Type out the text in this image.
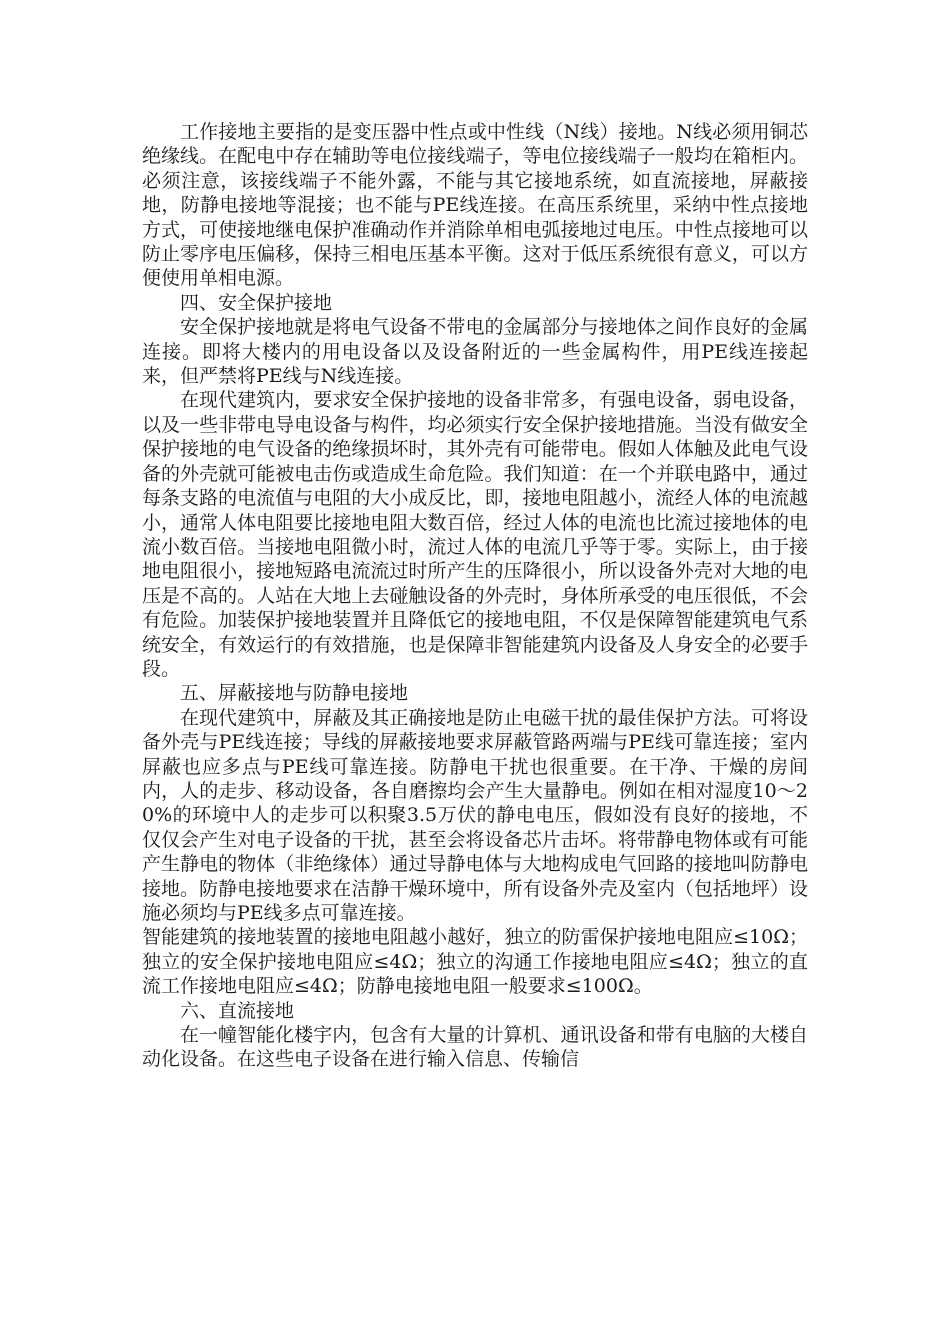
工作接地主要指的是变压器中性点或中性线（N线）接地。N线必须用铜芯绝缘线。在配电中存在辅助等电位接线端子，等电位接线端子一般均在箱柜内。必须注意，该接线端子不能外露，不能与其它接地系统，如直流接地，屏蔽接地，防静电接地等混接；也不能与PE线连接。在高压系统里，采纳中性点接地方式，可使接地继电保护准确动作并消除单相电弧接地过电压。中性点接地可以防止零序电压偏移，保持三相电压基本平衡。这对于低压系统很有意义，可以方便使用单相电源。

四、安全保护接地

安全保护接地就是将电气设备不带电的金属部分与接地体之间作良好的金属连接。即将大楼内的用电设备以及设备附近的一些金属构件，用PE线连接起来，但严禁将PE线与N线连接。

在现代建筑内，要求安全保护接地的设备非常多，有强电设备，弱电设备，以及一些非带电导电设备与构件，均必须实行安全保护接地措施。当没有做安全保护接地的电气设备的绝缘损坏时，其外壳有可能带电。假如人体触及此电气设备的外壳就可能被电击伤或造成生命危险。我们知道：在一个并联电路中，通过每条支路的电流值与电阻的大小成反比，即，接地电阻越小，流经人体的电流越小，通常人体电阻要比接地电阻大数百倍，经过人体的电流也比流过接地体的电流小数百倍。当接地电阻微小时，流过人体的电流几乎等于零。实际上，由于接地电阻很小，接地短路电流流过时所产生的压降很小，所以设备外壳对大地的电压是不高的。人站在大地上去碰触设备的外壳时，身体所承受的电压很低，不会有危险。加装保护接地装置并且降低它的接地电阻，不仅是保障智能建筑电气系统安全，有效运行的有效措施，也是保障非智能建筑内设备及人身安全的必要手段。

五、屏蔽接地与防静电接地

在现代建筑中，屏蔽及其正确接地是防止电磁干扰的最佳保护方法。可将设备外壳与PE线连接；导线的屏蔽接地要求屏蔽管路两端与PE线可靠连接；室内屏蔽也应多点与PE线可靠连接。防静电干扰也很重要。在干净、干燥的房间内，人的走步、移动设备，各自磨擦均会产生大量静电。例如在相对湿度10～20%的环境中人的走步可以积聚3.5万伏的静电电压，假如没有良好的接地，不仅仅会产生对电子设备的干扰，甚至会将设备芯片击坏。将带静电物体或有可能产生静电的物体（非绝缘体）通过导静电体与大地构成电气回路的接地叫防静电接地。防静电接地要求在洁静干燥环境中，所有设备外壳及室内（包括地坪）设施必须均与PE线多点可靠连接。

智能建筑的接地装置的接地电阻越小越好，独立的防雷保护接地电阻应≤10Ω；独立的安全保护接地电阻应≤4Ω；独立的沟通工作接地电阻应≤4Ω；独立的直流工作接地电阻应≤4Ω；防静电接地电阻一般要求≤100Ω。

六、直流接地

在一幢智能化楼宇内，包含有大量的计算机、通讯设备和带有电脑的大楼自动化设备。在这些电子设备在进行输入信息、传输信
